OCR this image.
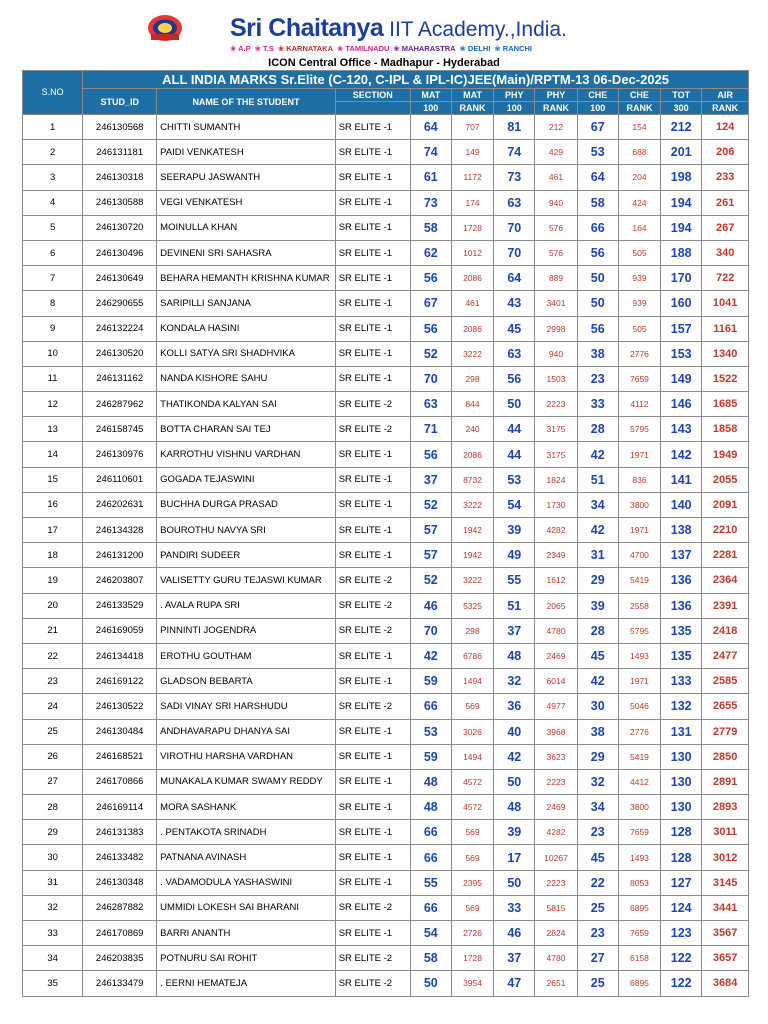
Sri Chaitanya IIT Academy.,India.
❀ A.P ❀ T.S ❀ KARNATAKA ❀ TAMILNADU ❀ MAHARASTRA ❀ DELHI ❀ RANCHI
ICON Central Office - Madhapur - Hyderabad
S.NO	ALL INDIA MARKS Sr.Elite (C-120, C-IPL & IPL-IC)JEE(Main)/RPTM-13 06-Dec-2025										
	STUD_ID	NAME OF THE STUDENT	SECTION	MAT	MAT	PHY	PHY	CHE	CHE	TOT	AIR
				100	RANK	100	RANK	100	RANK	300	RANK
1	246130568	CHITTI SUMANTH	SR ELITE -1	64	707	81	212	67	154	212	124
2	246131181	PAIDI VENKATESH	SR ELITE -1	74	149	74	429	53	688	201	206
3	246130318	SEERAPU JASWANTH	SR ELITE -1	61	1172	73	461	64	204	198	233
4	246130588	VEGI VENKATESH	SR ELITE -1	73	174	63	940	58	424	194	261
5	246130720	MOINULLA KHAN	SR ELITE -1	58	1728	70	576	66	164	194	267
6	246130496	DEVINENI SRI SAHASRA	SR ELITE -1	62	1012	70	576	56	505	188	340
7	246130649	BEHARA HEMANTH KRISHNA KUMAR	SR ELITE -1	56	2086	64	889	50	939	170	722
8	246290655	SARIPILLI SANJANA	SR ELITE -1	67	461	43	3401	50	939	160	1041
9	246132224	KONDALA HASINI	SR ELITE -1	56	2086	45	2998	56	505	157	1161
10	246130520	KOLLI SATYA SRI SHADHVIKA	SR ELITE -1	52	3222	63	940	38	2776	153	1340
11	246131162	NANDA KISHORE SAHU	SR ELITE -1	70	298	56	1503	23	7659	149	1522
12	246287962	THATIKONDA KALYAN SAI	SR ELITE -2	63	844	50	2223	33	4112	146	1685
13	246158745	BOTTA CHARAN SAI TEJ	SR ELITE -2	71	240	44	3175	28	5795	143	1858
14	246130976	KARROTHU VISHNU VARDHAN	SR ELITE -1	56	2086	44	3175	42	1971	142	1949
15	246110601	GOGADA TEJASWINI	SR ELITE -1	37	8732	53	1824	51	836	141	2055
16	246202631	BUCHHA DURGA PRASAD	SR ELITE -1	52	3222	54	1730	34	3800	140	2091
17	246134328	BOUROTHU NAVYA SRI	SR ELITE -1	57	1942	39	4282	42	1971	138	2210
18	246131200	PANDIRI SUDEER	SR ELITE -1	57	1942	49	2349	31	4700	137	2281
19	246203807	VALISETTY GURU TEJASWI KUMAR	SR ELITE -2	52	3222	55	1612	29	5419	136	2364
20	246133529	. AVALA RUPA SRI	SR ELITE -2	46	5325	51	2065	39	2558	136	2391
21	246169059	PINNINTI JOGENDRA	SR ELITE -2	70	298	37	4780	28	5795	135	2418
22	246134418	EROTHU GOUTHAM	SR ELITE -1	42	6786	48	2469	45	1493	135	2477
23	246169122	GLADSON BEBARTA	SR ELITE -1	59	1494	32	6014	42	1971	133	2585
24	246130522	SADI VINAY SRI HARSHUDU	SR ELITE -2	66	569	36	4977	30	5046	132	2655
25	246130484	ANDHAVARAPU DHANYA SAI	SR ELITE -1	53	3026	40	3968	38	2776	131	2779
26	246168521	VIROTHU HARSHA VARDHAN	SR ELITE -1	59	1494	42	3623	29	5419	130	2850
27	246170866	MUNAKALA KUMAR SWAMY REDDY	SR ELITE -1	48	4572	50	2223	32	4412	130	2891
28	246169114	MORA SASHANK	SR ELITE -1	48	4572	48	2469	34	3800	130	2893
29	246131383	. PENTAKOTA SRINADH	SR ELITE -1	66	569	39	4282	23	7659	128	3011
30	246133482	PATNANA AVINASH	SR ELITE -1	66	569	17	10267	45	1493	128	3012
31	246130348	. VADAMODULA YASHASWINI	SR ELITE -1	55	2395	50	2223	22	8053	127	3145
32	246287882	UMMIDI LOKESH SAI BHARANI	SR ELITE -2	66	569	33	5815	25	6895	124	3441
33	246170869	BARRI ANANTH	SR ELITE -1	54	2726	46	2824	23	7659	123	3567
34	246203835	POTNURU SAI ROHIT	SR ELITE -2	58	1728	37	4780	27	6158	122	3657
35	246133479	. EERNI HEMATEJA	SR ELITE -2	50	3954	47	2651	25	6895	122	3684
